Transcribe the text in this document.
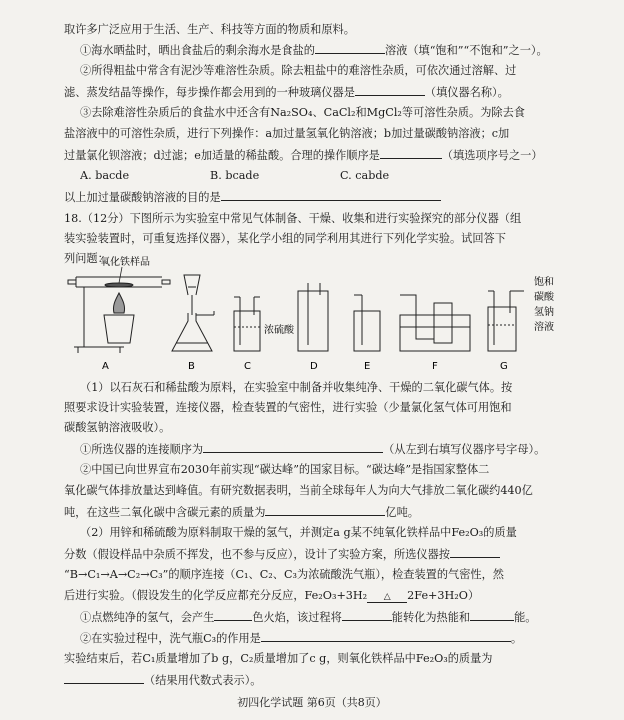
取许多广泛应用于生活、生产、科技等方面的物质和原料。
①海水晒盐时，晒出食盐后的剩余海水是食盐的	溶液（填“饱和”“不饱和”之一）。
②所得粗盐中常含有泥沙等难溶性杂质。除去粗盐中的难溶性杂质，可依次通过溶解、过
滤、蒸发结晶等操作，每步操作都会用到的一种玻璃仪器是	（填仪器名称）。
③去除难溶性杂质后的食盐水中还含有Na₂SO₄、CaCl₂和MgCl₂等可溶性杂质。为除去食
盐溶液中的可溶性杂质，进行下列操作：a加过量氢氧化钠溶液；b加过量碳酸钠溶液；c加
过量氯化钡溶液；d过滤；e加适量的稀盐酸。合理的操作顺序是	（填选项序号之一）
A. bacde	B. bcade	C. cabde
以上加过量碳酸钠溶液的目的是
18.（12分）下图所示为实验室中常见气体制备、干燥、收集和进行实验探究的部分仪器（组
装实验装置时，可重复选择仪器），某化学小组的同学利用其进行下列化学实验。试回答下
列问题：
氧化铁样品
浓硫酸
饱和
碳酸
氢钠
溶液
A	B	C	D	E	F	G
（1）以石灰石和稀盐酸为原料，在实验室中制备并收集纯净、干燥的二氧化碳气体。按
照要求设计实验装置，连接仪器，检查装置的气密性，进行实验（少量氯化氢气体可用饱和
碳酸氢钠溶液吸收）。
①所选仪器的连接顺序为	（从左到右填写仪器序号字母）。
②中国已向世界宣布2030年前实现“碳达峰”的国家目标。“碳达峰”是指国家整体二
氧化碳气体排放量达到峰值。有研究数据表明，当前全球每年人为向大气排放二氧化碳约440亿
吨，在这些二氧化碳中含碳元素的质量为	亿吨。
（2）用锌和稀硫酸为原料制取干燥的氢气，并测定a g某不纯氧化铁样品中Fe₂O₃的质量
分数（假设样品中杂质不挥发，也不参与反应），设计了实验方案，所选仪器按
“B→C₁→A→C₂→C₃”的顺序连接（C₁、C₂、C₃为浓硫酸洗气瓶），检查装置的气密性，然
后进行实验。（假设发生的化学反应都充分反应，Fe₂O₃+3H₂ △ 2Fe+3H₂O）
①点燃纯净的氢气，会产生	色火焰，该过程将	能转化为热能和	能。
②在实验过程中，洗气瓶C₃的作用是	。
实验结束后，若C₁质量增加了b g，C₂质量增加了c g，则氧化铁样品中Fe₂O₃的质量为
（结果用代数式表示）。
初四化学试题 第6页（共8页）
